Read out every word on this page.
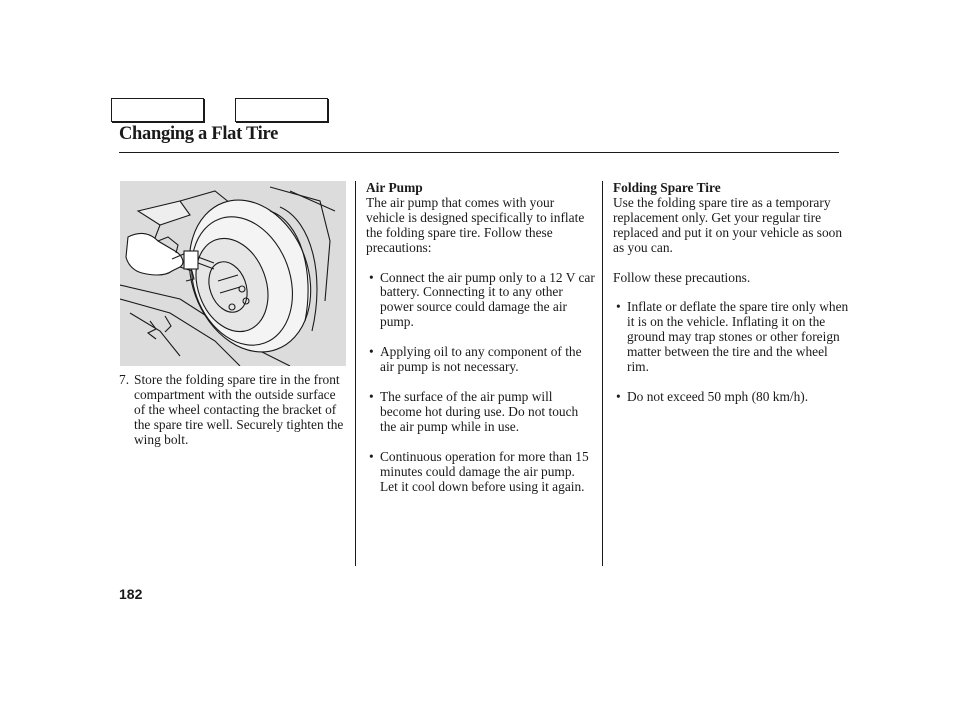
Changing a Flat Tire
7. Store the folding spare tire in the front compartment with the outside surface of the wheel contacting the bracket of the spare tire well. Securely tighten the wing bolt.

Air Pump

The air pump that comes with your vehicle is designed specifically to inflate the folding spare tire. Follow these precautions:

• Connect the air pump only to a 12 V car battery. Connecting it to any other power source could damage the air pump.
• Applying oil to any component of the air pump is not necessary.
• The surface of the air pump will become hot during use. Do not touch the air pump while in use.
• Continuous operation for more than 15 minutes could damage the air pump. Let it cool down before using it again.

Folding Spare Tire

Use the folding spare tire as a temporary replacement only. Get your regular tire replaced and put it on your vehicle as soon as you can.

Follow these precautions.

• Inflate or deflate the spare tire only when it is on the vehicle. Inflating it on the ground may trap stones or other foreign matter between the tire and the wheel rim.
• Do not exceed 50 mph (80 km/h).
182
